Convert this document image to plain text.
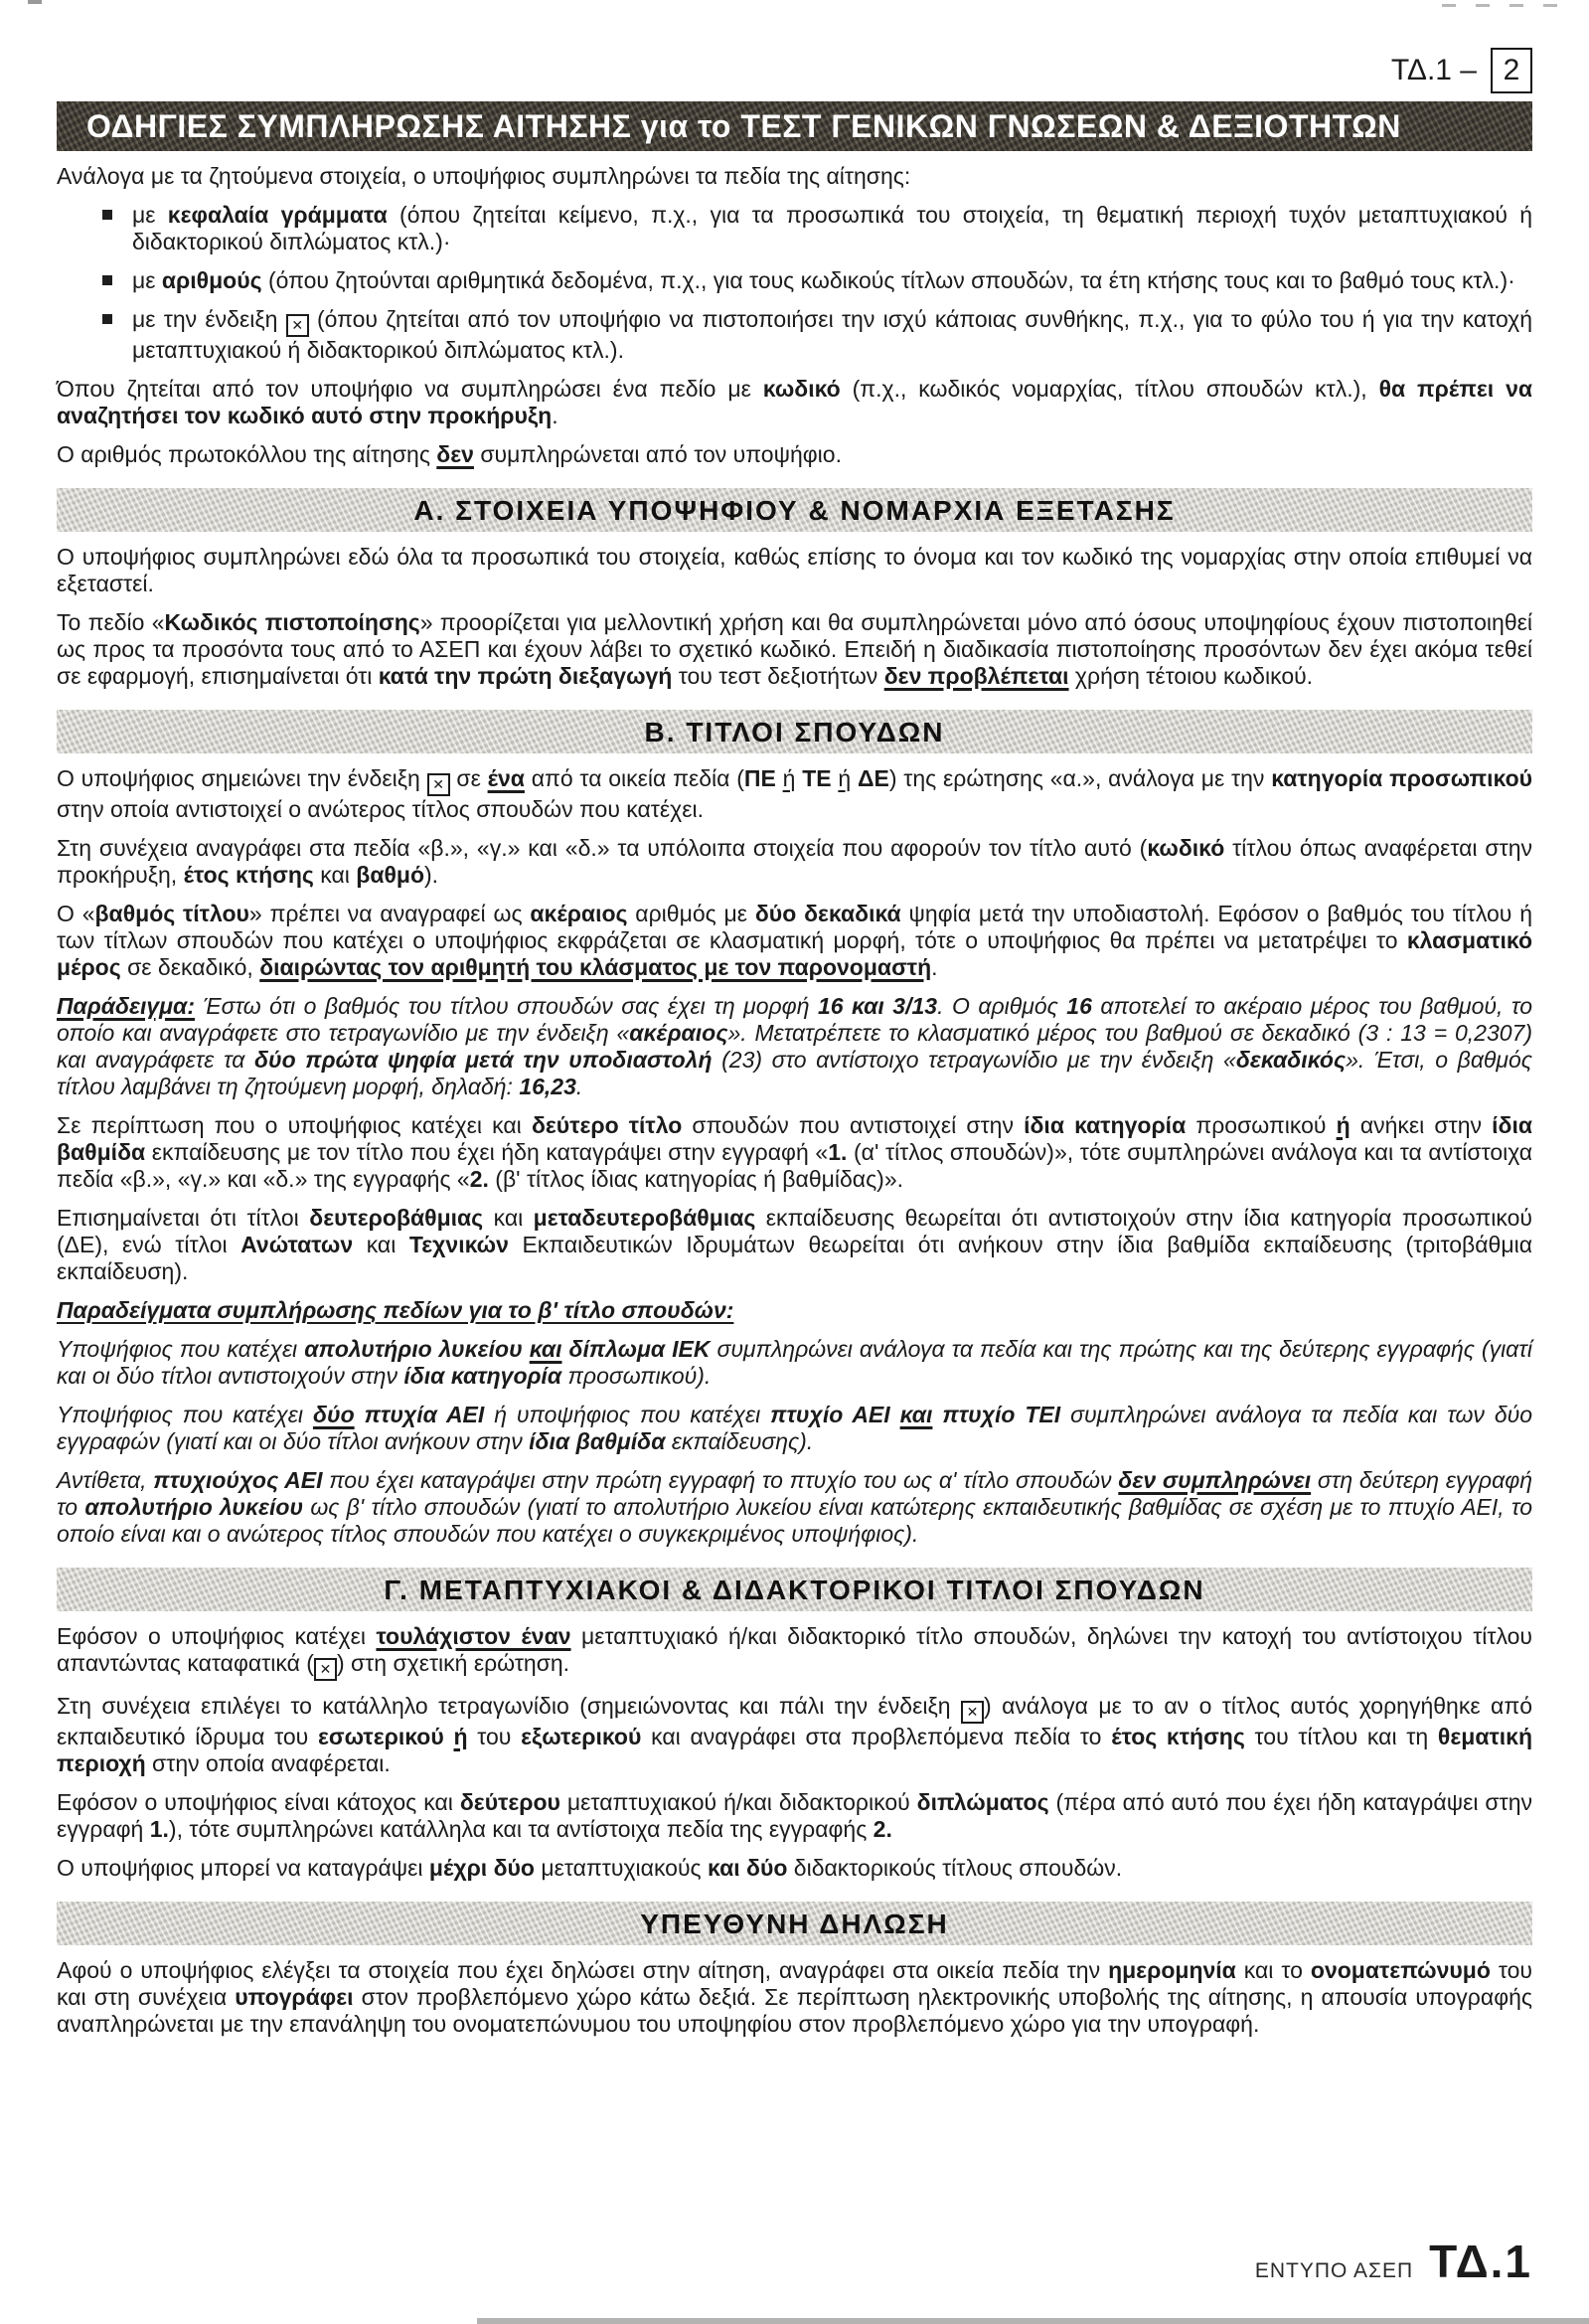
ΤΔ.1 – 2
ΟΔΗΓΙΕΣ ΣΥΜΠΛΗΡΩΣΗΣ ΑΙΤΗΣΗΣ για το ΤΕΣΤ ΓΕΝΙΚΩΝ ΓΝΩΣΕΩΝ & ΔΕΞΙΟΤΗΤΩΝ

Ανάλογα με τα ζητούμενα στοιχεία, ο υποψήφιος συμπληρώνει τα πεδία της αίτησης:

με κεφαλαία γράμματα (όπου ζητείται κείμενο, π.χ., για τα προσωπικά του στοιχεία, τη θεματική περιοχή τυχόν μεταπτυχιακού ή διδακτορικού διπλώματος κτλ.)·
με αριθμούς (όπου ζητούνται αριθμητικά δεδομένα, π.χ., για τους κωδικούς τίτλων σπουδών, τα έτη κτήσης τους και το βαθμό τους κτλ.)·
με την ένδειξη ✕ (όπου ζητείται από τον υποψήφιο να πιστοποιήσει την ισχύ κάποιας συνθήκης, π.χ., για το φύλο του ή για την κατοχή μεταπτυχιακού ή διδακτορικού διπλώματος κτλ.).

Όπου ζητείται από τον υποψήφιο να συμπληρώσει ένα πεδίο με κωδικό (π.χ., κωδικός νομαρχίας, τίτλου σπουδών κτλ.), θα πρέπει να αναζητήσει τον κωδικό αυτό στην προκήρυξη.

Ο αριθμός πρωτοκόλλου της αίτησης δεν συμπληρώνεται από τον υποψήφιο.

Α. ΣΤΟΙΧΕΙΑ ΥΠΟΨΗΦΙΟΥ & ΝΟΜΑΡΧΙΑ ΕΞΕΤΑΣΗΣ

Ο υποψήφιος συμπληρώνει εδώ όλα τα προσωπικά του στοιχεία, καθώς επίσης το όνομα και τον κωδικό της νομαρχίας στην οποία επιθυμεί να εξεταστεί.

Το πεδίο «Κωδικός πιστοποίησης» προορίζεται για μελλοντική χρήση και θα συμπληρώνεται μόνο από όσους υποψηφίους έχουν πιστοποιηθεί ως προς τα προσόντα τους από το ΑΣΕΠ και έχουν λάβει το σχετικό κωδικό. Επειδή η διαδικασία πιστοποίησης προσόντων δεν έχει ακόμα τεθεί σε εφαρμογή, επισημαίνεται ότι κατά την πρώτη διεξαγωγή του τεστ δεξιοτήτων δεν προβλέπεται χρήση τέτοιου κωδικού.

Β. ΤΙΤΛΟΙ ΣΠΟΥΔΩΝ

Ο υποψήφιος σημειώνει την ένδειξη ✕ σε ένα από τα οικεία πεδία (ΠΕ ή ΤΕ ή ΔΕ) της ερώτησης «α.», ανάλογα με την κατηγορία προσωπικού στην οποία αντιστοιχεί ο ανώτερος τίτλος σπουδών που κατέχει.

Στη συνέχεια αναγράφει στα πεδία «β.», «γ.» και «δ.» τα υπόλοιπα στοιχεία που αφορούν τον τίτλο αυτό (κωδικό τίτλου όπως αναφέρεται στην προκήρυξη, έτος κτήσης και βαθμό).

Ο «βαθμός τίτλου» πρέπει να αναγραφεί ως ακέραιος αριθμός με δύο δεκαδικά ψηφία μετά την υποδιαστολή. Εφόσον ο βαθμός του τίτλου ή των τίτλων σπουδών που κατέχει ο υποψήφιος εκφράζεται σε κλασματική μορφή, τότε ο υποψήφιος θα πρέπει να μετατρέψει το κλασματικό μέρος σε δεκαδικό, διαιρώντας τον αριθμητή του κλάσματος με τον παρονομαστή.

Παράδειγμα: Έστω ότι ο βαθμός του τίτλου σπουδών σας έχει τη μορφή 16 και 3/13. Ο αριθμός 16 αποτελεί το ακέραιο μέρος του βαθμού, το οποίο και αναγράφετε στο τετραγωνίδιο με την ένδειξη «ακέραιος». Μετατρέπετε το κλασματικό μέρος του βαθμού σε δεκαδικό (3 : 13 = 0,2307) και αναγράφετε τα δύο πρώτα ψηφία μετά την υποδιαστολή (23) στο αντίστοιχο τετραγωνίδιο με την ένδειξη «δεκαδικός». Έτσι, ο βαθμός τίτλου λαμβάνει τη ζητούμενη μορφή, δηλαδή: 16,23.

Σε περίπτωση που ο υποψήφιος κατέχει και δεύτερο τίτλο σπουδών που αντιστοιχεί στην ίδια κατηγορία προσωπικού ή ανήκει στην ίδια βαθμίδα εκπαίδευσης με τον τίτλο που έχει ήδη καταγράψει στην εγγραφή «1. (α' τίτλος σπουδών)», τότε συμπληρώνει ανάλογα και τα αντίστοιχα πεδία «β.», «γ.» και «δ.» της εγγραφής «2. (β' τίτλος ίδιας κατηγορίας ή βαθμίδας)».

Επισημαίνεται ότι τίτλοι δευτεροβάθμιας και μεταδευτεροβάθμιας εκπαίδευσης θεωρείται ότι αντιστοιχούν στην ίδια κατηγορία προσωπικού (ΔΕ), ενώ τίτλοι Ανώτατων και Τεχνικών Εκπαιδευτικών Ιδρυμάτων θεωρείται ότι ανήκουν στην ίδια βαθμίδα εκπαίδευσης (τριτοβάθμια εκπαίδευση).

Παραδείγματα συμπλήρωσης πεδίων για το β' τίτλο σπουδών:

Υποψήφιος που κατέχει απολυτήριο λυκείου και δίπλωμα ΙΕΚ συμπληρώνει ανάλογα τα πεδία και της πρώτης και της δεύτερης εγγραφής (γιατί και οι δύο τίτλοι αντιστοιχούν στην ίδια κατηγορία προσωπικού).

Υποψήφιος που κατέχει δύο πτυχία ΑΕΙ ή υποψήφιος που κατέχει πτυχίο ΑΕΙ και πτυχίο ΤΕΙ συμπληρώνει ανάλογα τα πεδία και των δύο εγγραφών (γιατί και οι δύο τίτλοι ανήκουν στην ίδια βαθμίδα εκπαίδευσης).

Αντίθετα, πτυχιούχος ΑΕΙ που έχει καταγράψει στην πρώτη εγγραφή το πτυχίο του ως α' τίτλο σπουδών δεν συμπληρώνει στη δεύτερη εγγραφή το απολυτήριο λυκείου ως β' τίτλο σπουδών (γιατί το απολυτήριο λυκείου είναι κατώτερης εκπαιδευτικής βαθμίδας σε σχέση με το πτυχίο ΑΕΙ, το οποίο είναι και ο ανώτερος τίτλος σπουδών που κατέχει ο συγκεκριμένος υποψήφιος).

Γ. ΜΕΤΑΠΤΥΧΙΑΚΟΙ & ΔΙΔΑΚΤΟΡΙΚΟΙ ΤΙΤΛΟΙ ΣΠΟΥΔΩΝ

Εφόσον ο υποψήφιος κατέχει τουλάχιστον έναν μεταπτυχιακό ή/και διδακτορικό τίτλο σπουδών, δηλώνει την κατοχή του αντίστοιχου τίτλου απαντώντας καταφατικά ( ✕ ) στη σχετική ερώτηση.

Στη συνέχεια επιλέγει το κατάλληλο τετραγωνίδιο (σημειώνοντας και πάλι την ένδειξη ✕ ) ανάλογα με το αν ο τίτλος αυτός χορηγήθηκε από εκπαιδευτικό ίδρυμα του εσωτερικού ή του εξωτερικού και αναγράφει στα προβλεπόμενα πεδία το έτος κτήσης του τίτλου και τη θεματική περιοχή στην οποία αναφέρεται.

Εφόσον ο υποψήφιος είναι κάτοχος και δεύτερου μεταπτυχιακού ή/και διδακτορικού διπλώματος (πέρα από αυτό που έχει ήδη καταγράψει στην εγγραφή 1.), τότε συμπληρώνει κατάλληλα και τα αντίστοιχα πεδία της εγγραφής 2.

Ο υποψήφιος μπορεί να καταγράψει μέχρι δύο μεταπτυχιακούς και δύο διδακτορικούς τίτλους σπουδών.

ΥΠΕΥΘΥΝΗ ΔΗΛΩΣΗ

Αφού ο υποψήφιος ελέγξει τα στοιχεία που έχει δηλώσει στην αίτηση, αναγράφει στα οικεία πεδία την ημερομηνία και το ονοματεπώνυμό του και στη συνέχεια υπογράφει στον προβλεπόμενο χώρο κάτω δεξιά. Σε περίπτωση ηλεκτρονικής υποβολής της αίτησης, η απουσία υπογραφής αναπληρώνεται με την επανάληψη του ονοματεπώνυμου του υποψηφίου στον προβλεπόμενο χώρο για την υπογραφή.

ΕΝΤΥΠΟ ΑΣΕΠ ΤΔ.1
